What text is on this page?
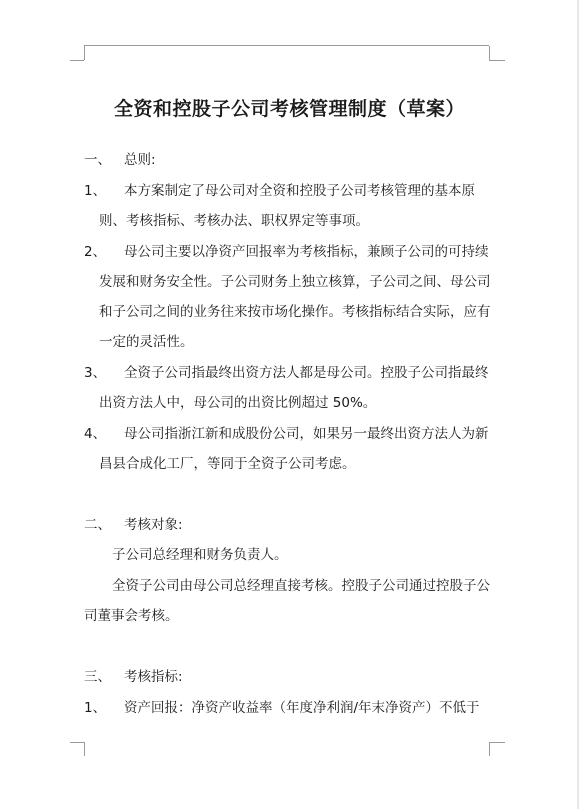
全资和控股子公司考核管理制度（草案）
一、 总则:
1、 本方案制定了母公司对全资和控股子公司考核管理的基本原
则、考核指标、考核办法、职权界定等事项。
2、 母公司主要以净资产回报率为考核指标，兼顾子公司的可持续
发展和财务安全性。子公司财务上独立核算，子公司之间、母公司
和子公司之间的业务往来按市场化操作。考核指标结合实际，应有
一定的灵活性。
3、 全资子公司指最终出资方法人都是母公司。控股子公司指最终
出资方法人中，母公司的出资比例超过 50%。
4、 母公司指浙江新和成股份公司，如果另一最终出资方法人为新
昌县合成化工厂，等同于全资子公司考虑。
二、 考核对象:
子公司总经理和财务负责人。
全资子公司由母公司总经理直接考核。控股子公司通过控股子公
司董事会考核。
三、 考核指标:
1、 资产回报：净资产收益率（年度净利润/年末净资产）不低于
